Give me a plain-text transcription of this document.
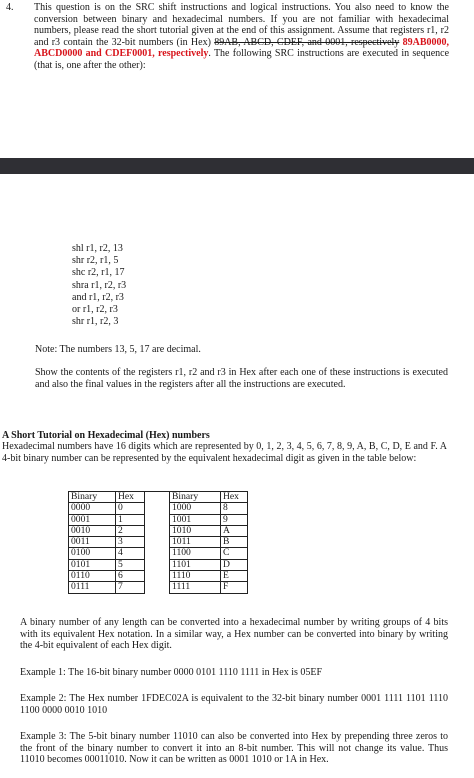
4.	This question is on the SRC shift instructions and logical instructions. You also need to know the conversion between binary and hexadecimal numbers. If you are not familiar with hexadecimal numbers, please read the short tutorial given at the end of this assignment. Assume that registers r1, r2 and r3 contain the 32-bit numbers (in Hex) 89AB, ABCD, CDEF, and 0001, respectively 89AB0000, ABCD0000 and CDEF0001, respectively. The following SRC instructions are executed in sequence (that is, one after the other):
shl r1, r2, 13
shr r2, r1, 5
shc r2, r1, 17
shra r1, r2, r3
and r1, r2, r3
or r1, r2, r3
shr r1, r2, 3
Note: The numbers 13, 5, 17 are decimal.
Show the contents of the registers r1, r2 and r3 in Hex after each one of these instructions is executed and also the final values in the registers after all the instructions are executed.
A Short Tutorial on Hexadecimal (Hex) numbers
Hexadecimal numbers have 16 digits which are represented by 0, 1, 2, 3, 4, 5, 6, 7, 8, 9, A, B, C, D, E and F. A 4-bit binary number can be represented by the equivalent hexadecimal digit as given in the table below:
Binary	Hex		Binary	Hex
0000	0		1000	8
0001	1		1001	9
0010	2		1010	A
0011	3		1011	B
0100	4		1100	C
0101	5		1101	D
0110	6		1110	E
0111	7		1111	F
A binary number of any length can be converted into a hexadecimal number by writing groups of 4 bits with its equivalent Hex notation. In a similar way, a Hex number can be converted into binary by writing the 4-bit equivalent of each Hex digit.
Example 1: The 16-bit binary number 0000 0101 1110 1111 in Hex is 05EF
Example 2: The Hex number 1FDEC02A is equivalent to the 32-bit binary number 0001 1111 1101 1110 1100 0000 0010 1010
Example 3: The 5-bit binary number 11010 can also be converted into Hex by prepending three zeros to the front of the binary number to convert it into an 8-bit number. This will not change its value. Thus 11010 becomes 00011010. Now it can be written as 0001 1010 or 1A in Hex.
